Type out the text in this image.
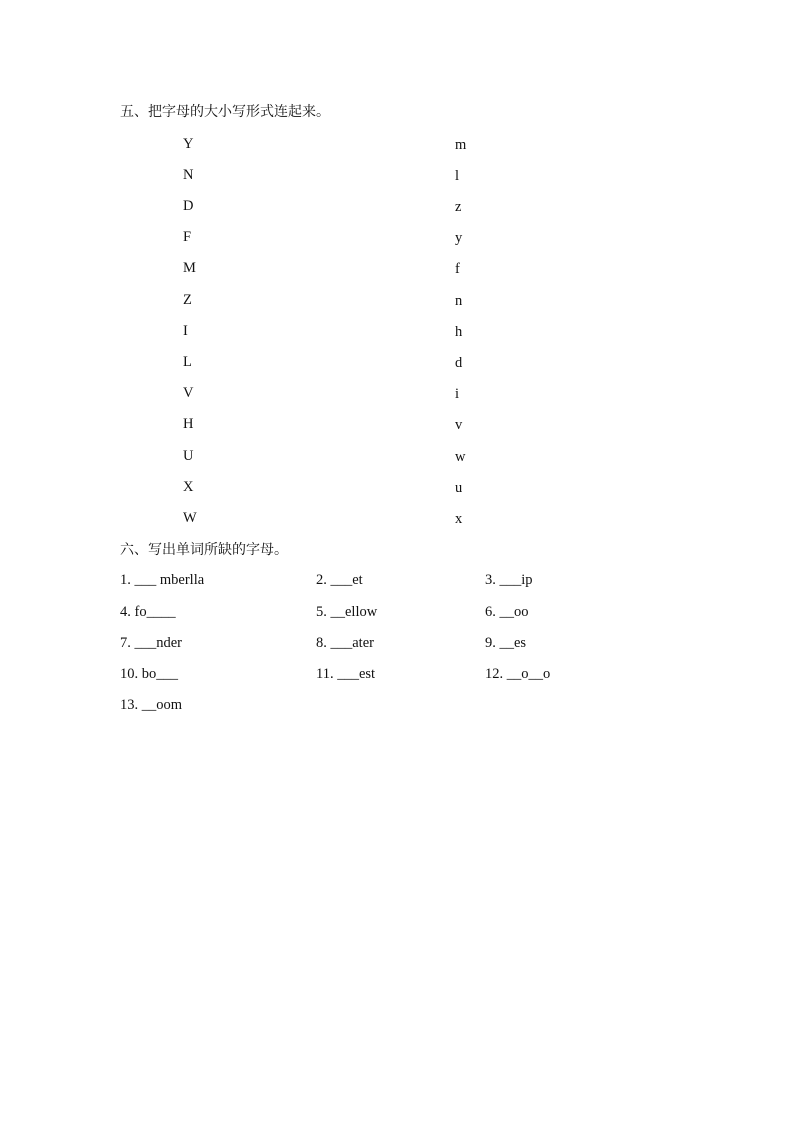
五、把字母的大小写形式连起来。
Y
N
D
F
M
Z
I
L
V
H
U
X
W
m
l
z
y
f
n
h
d
i
v
w
u
x
六、写出单词所缺的字母。
1. ___ mberlla	2. ___et	3. ___ip
4. fo____	5. __ellow	6. __oo
7. ___nder	8. ___ater	9. __es
10. bo___	11. ___est	12. __o__o
13. __oom
